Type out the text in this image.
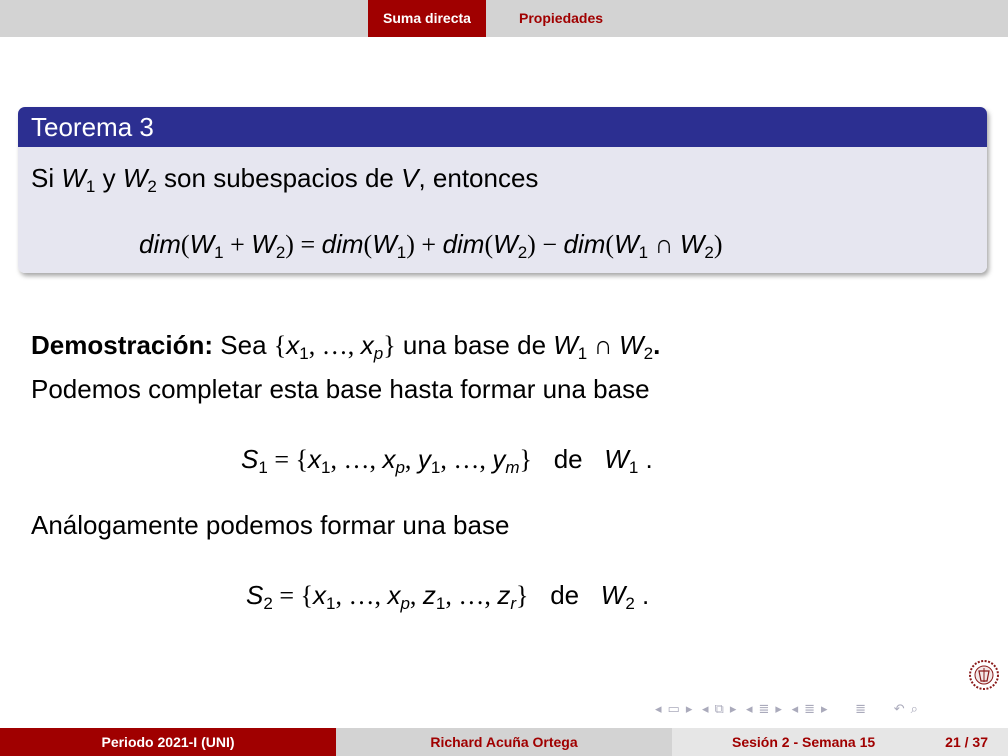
Suma directa	Propiedades
Teorema 3
Si $W_1$ y $W_2$ son subespacios de V, entonces
$dim(W_1 + W_2) = dim(W_1) + dim(W_2) - dim(W_1$ ∩ $W_2$)
Demostración: Sea {$x_1$, …, $x_p$} una base de $W_1$ ∩ $W_2$.
Podemos completar esta base hasta formar una base
$S_1 = \{x_1$, …, $x_p$, $y_1$, …, $y_m$} de $W_1$ .
Análogamente podemos formar una base
$S_2 = \{x_1$, …, $x_p$, $z_1$, …, $z_r$} de $W_2$ .
◂ ▭ ▸ ◂ ⧉ ▸ ◂ ≣ ▸ ◂ ≣ ▸ ≣ ↶ ⌕
Periodo 2021-I (UNI)	Richard Acuña Ortega	Sesión 2 - Semana 15	21 / 37
